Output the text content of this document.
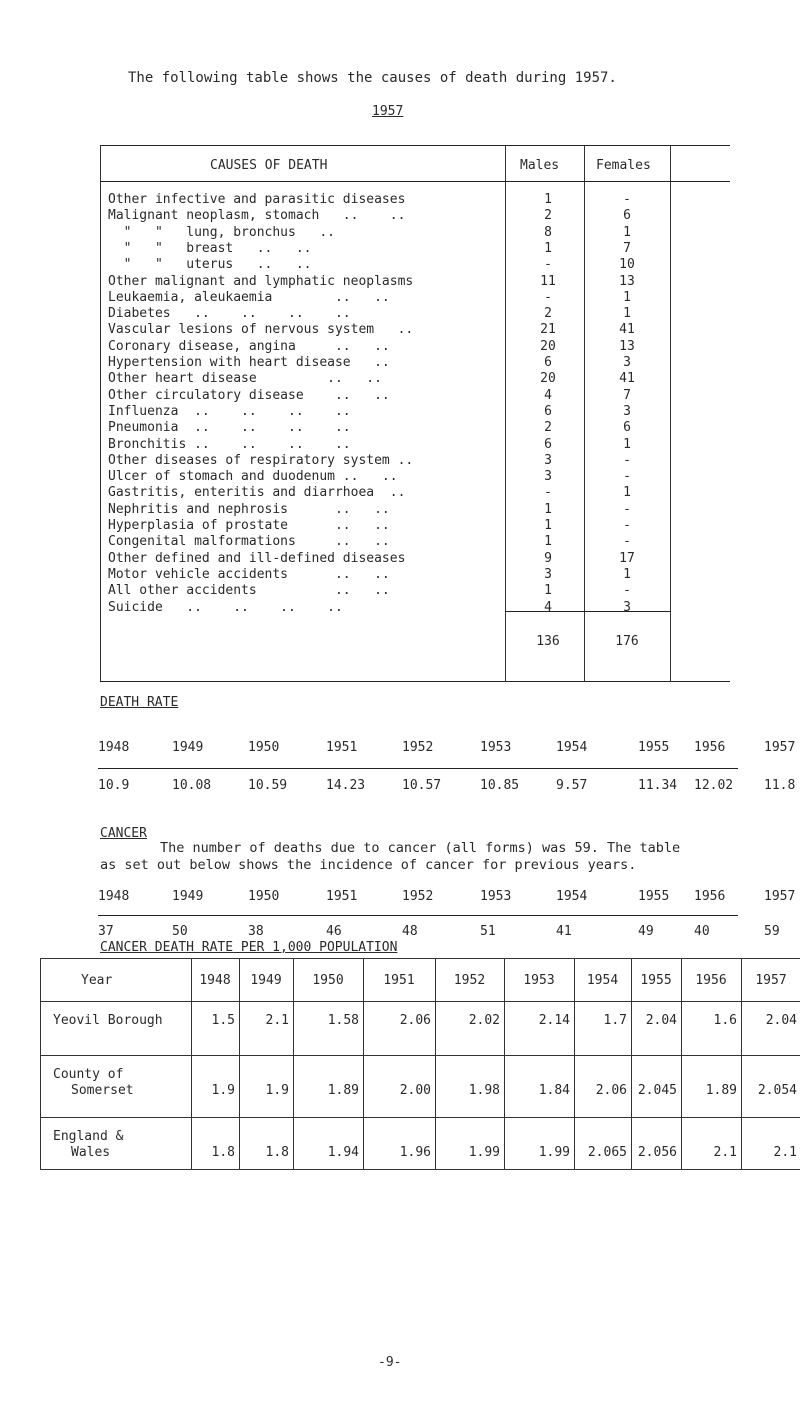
The following table shows the causes of death during 1957.
1957
CAUSES OF DEATH	Males	Females
Other infective and parasitic diseases	1	-
Malignant neoplasm, stomach   ..    ..	2	6
"   "   lung, bronchus   ..	8	1
"   "   breast   ..   ..	1	7
"   "   uterus   ..   ..	-	10
Other malignant and lymphatic neoplasms	11	13
Leukaemia, aleukaemia        ..   ..	-	1
Diabetes   ..    ..    ..    ..	2	1
Vascular lesions of nervous system   ..	21	41
Coronary disease, angina     ..   ..	20	13
Hypertension with heart disease   ..	6	3
Other heart disease         ..   ..	20	41
Other circulatory disease    ..   ..	4	7
Influenza  ..    ..    ..    ..	6	3
Pneumonia  ..    ..    ..    ..	2	6
Bronchitis ..    ..    ..    ..	6	1
Other diseases of respiratory system ..	3	-
Ulcer of stomach and duodenum ..   ..	3	-
Gastritis, enteritis and diarrhoea  ..	-	1
Nephritis and nephrosis      ..   ..	1	-
Hyperplasia of prostate      ..   ..	1	-
Congenital malformations     ..   ..	1	-
Other defined and ill-defined diseases	9	17
Motor vehicle accidents      ..   ..	3	1
All other accidents          ..   ..	1	-
Suicide   ..    ..    ..    ..	4	3
136	176
DEATH RATE
1948	1949	1950	1951	1952	1953	1954	1955 1956	1957
10.9	10.08	10.59	14.23	10.57	10.85	9.57	11.34 12.02 11.8
CANCER
The number of deaths due to cancer (all forms) was 59. The table
as set out below shows the incidence of cancer for previous years.
1948	1949	1950	1951	1952	1953	1954	1955 1956	1957
37	50	38	46	48	51	41	49	40	59
CANCER DEATH RATE PER 1,000 POPULATION
Year	1948	1949	1950	1951	1952	1953	1954	1955	1956	1957
Yeovil Borough	1.5	2.1	1.58	2.06	2.02	2.14	1.7	2.04	1.6	2.04
County of
Somerset	1.9	1.9	1.89	2.00	1.98	1.84	2.06 2.045	1.89	2.054
England &
Wales	1.8	1.8	1.94	1.96	1.99	1.99	2.065 2.056	2.1	2.1
-9-
